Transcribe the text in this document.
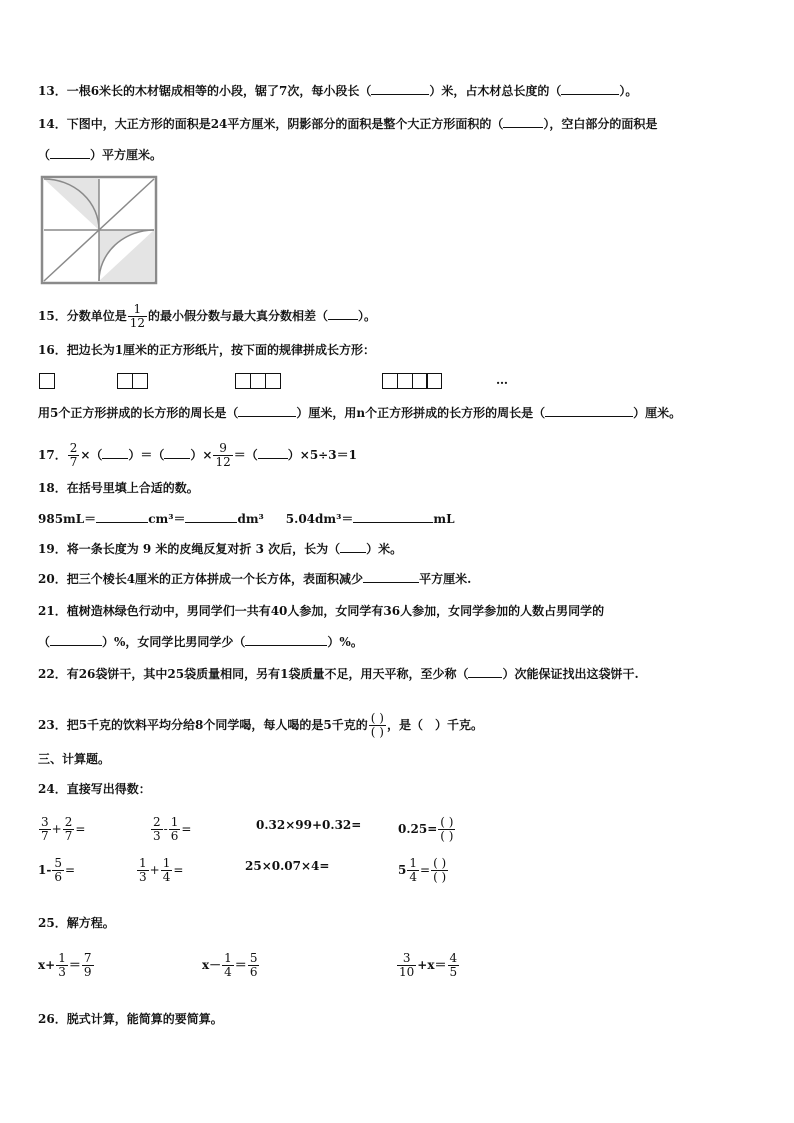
13．一根6米长的木材锯成相等的小段，锯了7次，每小段长（	）米，占木材总长度的（	）。
14．下图中，大正方形的面积是24平方厘米，阴影部分的面积是整个大正方形面积的（	），空白部分的面积是
（	）平方厘米。
15．分数单位是 $\frac{1}{12}$ 的最小假分数与最大真分数相差（	）。
16．把边长为1厘米的正方形纸片，按下面的规律拼成长方形：
…
用5个正方形拼成的长方形的周长是（	）厘米，用n个正方形拼成的长方形的周长是（	）厘米。
17． $\frac{2}{7}$ ×（ ）＝（ ）× $\frac{9}{12}$ ＝（	）×5÷3＝1
18．在括号里填上合适的数。
985mL＝	cm³＝	dm³ 5.04dm³＝	mL
19．将一条长度为 9 米的皮绳反复对折 3 次后，长为（ ）米。
20．把三个棱长4厘米的正方体拼成一个长方体，表面积减少	平方厘米.
21．植树造林绿色行动中，男同学们一共有40人参加，女同学有36人参加，女同学参加的人数占男同学的
（	）%，女同学比男同学少（	）%。
22．有26袋饼干，其中25袋质量相同，另有1袋质量不足，用天平称，至少称（	）次能保证找出这袋饼干.
23．把5千克的饮料平均分给8个同学喝，每人喝的是5千克的 $\frac{( )}{( )}$ ，是（　）千克。
三、计算题。
24．直接写出得数：
$\frac{3}{7} + \frac{2}{7}$ =	$\frac{2}{3} - \frac{1}{6}$ =	0.32×99+0.32=	$0.25= \frac{( )}{( )}$
$1- \frac{5}{6}$ =	$\frac{1}{3} + \frac{1}{4}$ =	25×0.07×4=	$5 \frac{1}{4} = \frac{( )}{( )}$
25．解方程。
$x+ \frac{1}{3} = \frac{7}{9}$	$x- \frac{1}{4} = \frac{5}{6}$	$\frac{3}{10} +x= \frac{4}{5}$
26．脱式计算，能简算的要简算。
